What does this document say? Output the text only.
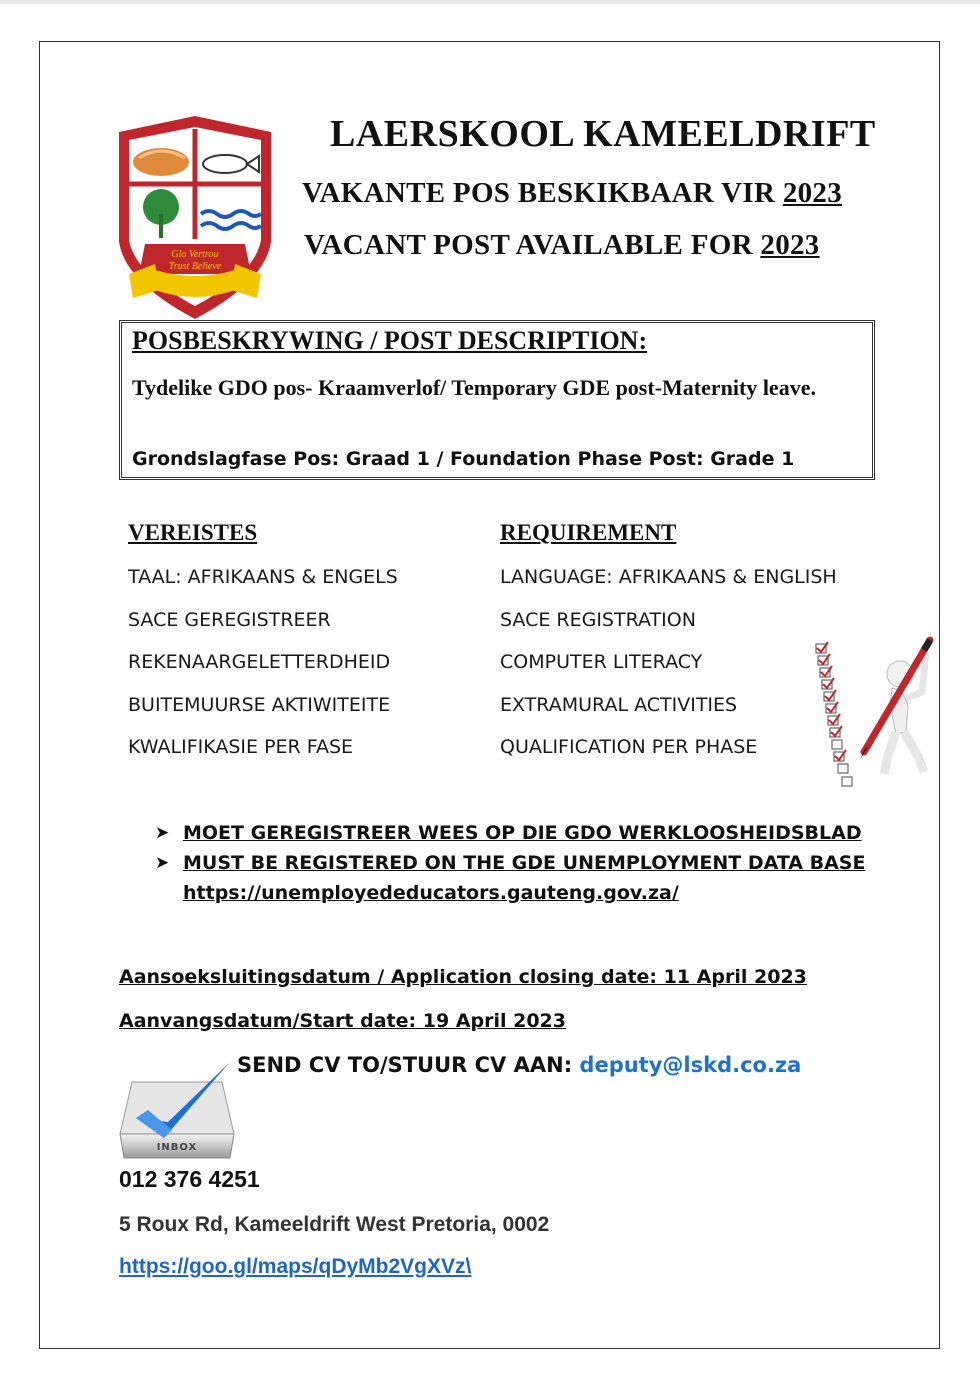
Glo Vertrou
Trust Believe
LAERSKOOL KAMEELDRIFT
VAKANTE POS BESKIKBAAR VIR 2023
VACANT POST AVAILABLE FOR 2023
POSBESKRYWING / POST DESCRIPTION:
Tydelike GDO pos- Kraamverlof/ Temporary GDE post-Maternity leave.
Grondslagfase Pos: Graad 1 / Foundation Phase Post: Grade 1
VEREISTES	REQUIREMENT
TAAL: AFRIKAANS & ENGELS
SACE GEREGISTREER
REKENAARGELETTERDHEID
BUITEMUURSE AKTIWITEITE
KWALIFIKASIE PER FASE
LANGUAGE: AFRIKAANS & ENGLISH
SACE REGISTRATION
COMPUTER LITERACY
EXTRAMURAL ACTIVITIES
QUALIFICATION PER PHASE
➤ MOET GEREGISTREER WEES OP DIE GDO WERKLOOSHEIDSBLAD
➤ MUST BE REGISTERED ON THE GDE UNEMPLOYMENT DATA BASE
https://unemployededucators.gauteng.gov.za/
Aansoeksluitingsdatum / Application closing date: 11 April 2023
Aanvangsdatum/Start date: 19 April 2023
INBOX
SEND CV TO/STUUR CV AAN: deputy@lskd.co.za
012 376 4251
5 Roux Rd, Kameeldrift West Pretoria, 0002
https://goo.gl/maps/qDyMb2VgXVz\
